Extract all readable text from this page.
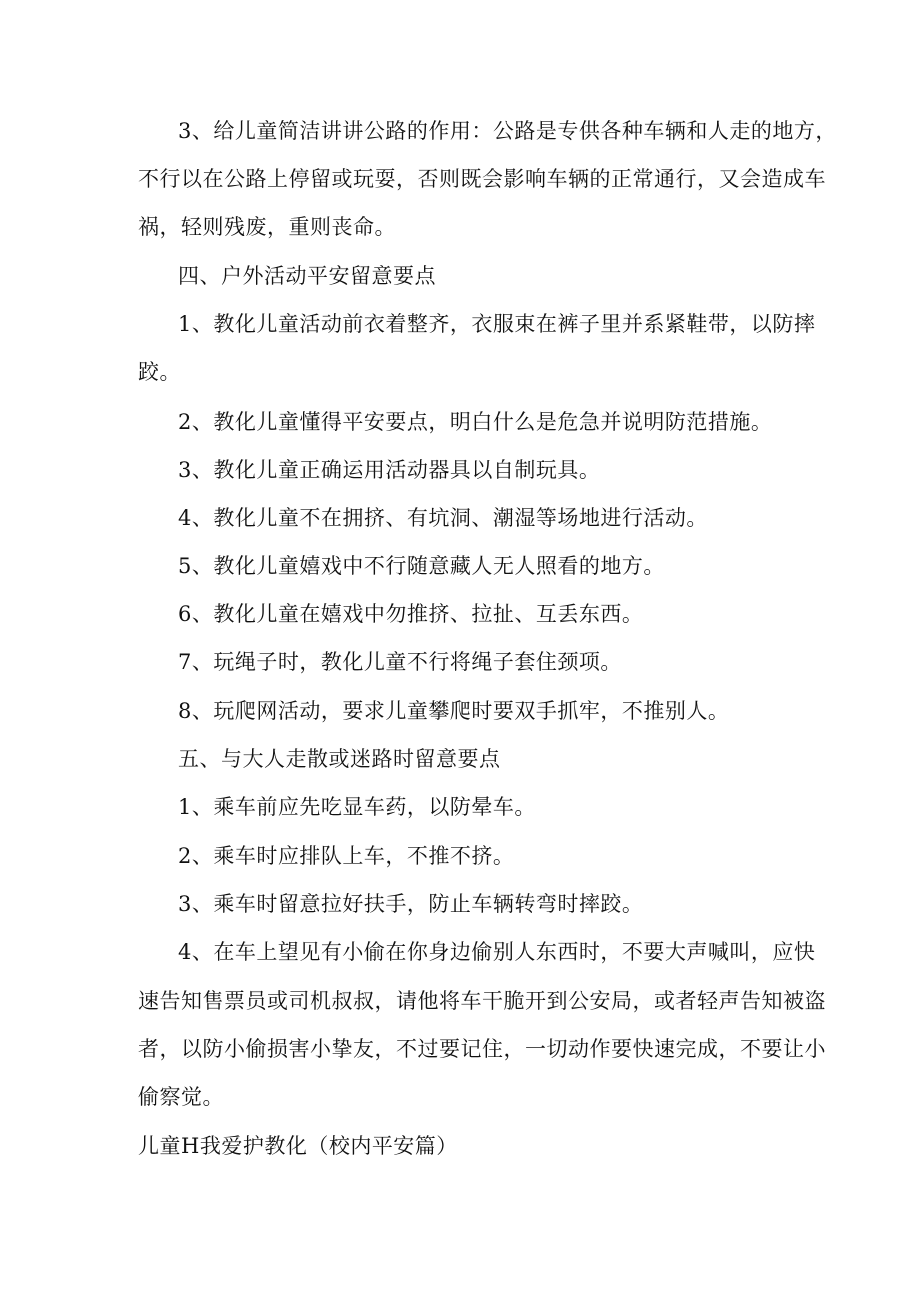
3、给儿童简洁讲讲公路的作用：公路是专供各种车辆和人走的地方，

不行以在公路上停留或玩耍，否则既会影响车辆的正常通行，又会造成车

祸，轻则残废，重则丧命。

四、户外活动平安留意要点

1、教化儿童活动前衣着整齐，衣服束在裤子里并系紧鞋带，以防摔

跤。

2、教化儿童懂得平安要点，明白什么是危急并说明防范措施。

3、教化儿童正确运用活动器具以自制玩具。

4、教化儿童不在拥挤、有坑洞、潮湿等场地进行活动。

5、教化儿童嬉戏中不行随意藏人无人照看的地方。

6、教化儿童在嬉戏中勿推挤、拉扯、互丢东西。

7、玩绳子时，教化儿童不行将绳子套住颈项。

8、玩爬网活动，要求儿童攀爬时要双手抓牢，不推别人。

五、与大人走散或迷路时留意要点

1、乘车前应先吃显车药，以防晕车。

2、乘车时应排队上车，不推不挤。

3、乘车时留意拉好扶手，防止车辆转弯时摔跤。

4、在车上望见有小偷在你身边偷别人东西时，不要大声喊叫，应快

速告知售票员或司机叔叔，请他将车干脆开到公安局，或者轻声告知被盗

者，以防小偷损害小挚友，不过要记住，一切动作要快速完成，不要让小

偷察觉。

儿童H我爱护教化（校内平安篇）
